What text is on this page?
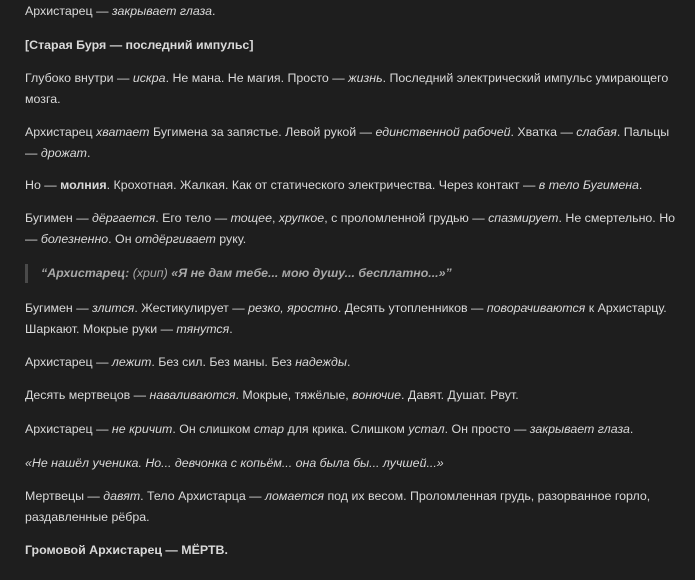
Архистарец — закрывает глаза.

[Старая Буря — последний импульс]

Глубоко внутри — искра. Не мана. Не магия. Просто — жизнь. Последний электрический импульс умирающего мозга.

Архистарец хватает Бугимена за запястье. Левой рукой — единственной рабочей. Хватка — слабая. Пальцы — дрожат.

Но — молния. Крохотная. Жалкая. Как от статического электричества. Через контакт — в тело Бугимена.

Бугимен — дёргается. Его тело — тощее, хрупкое, с проломленной грудью — спазмирует. Не смертельно. Но — болезненно. Он отдёргивает руку.

“Архистарец: (хрип) «Я не дам тебе... мою душу... бесплатно...»”

Бугимен — злится. Жестикулирует — резко, яростно. Десять утопленников — поворачиваются к Архистарцу. Шаркают. Мокрые руки — тянутся.

Архистарец — лежит. Без сил. Без маны. Без надежды.

Десять мертвецов — наваливаются. Мокрые, тяжёлые, вонючие. Давят. Душат. Рвут.

Архистарец — не кричит. Он слишком стар для крика. Слишком устал. Он просто — закрывает глаза.

«Не нашёл ученика. Но... девчонка с копьём... она была бы... лучшей...»

Мертвецы — давят. Тело Архистарца — ломается под их весом. Проломленная грудь, разорванное горло, раздавленные рёбра.

Громовой Архистарец — МЁРТВ.
